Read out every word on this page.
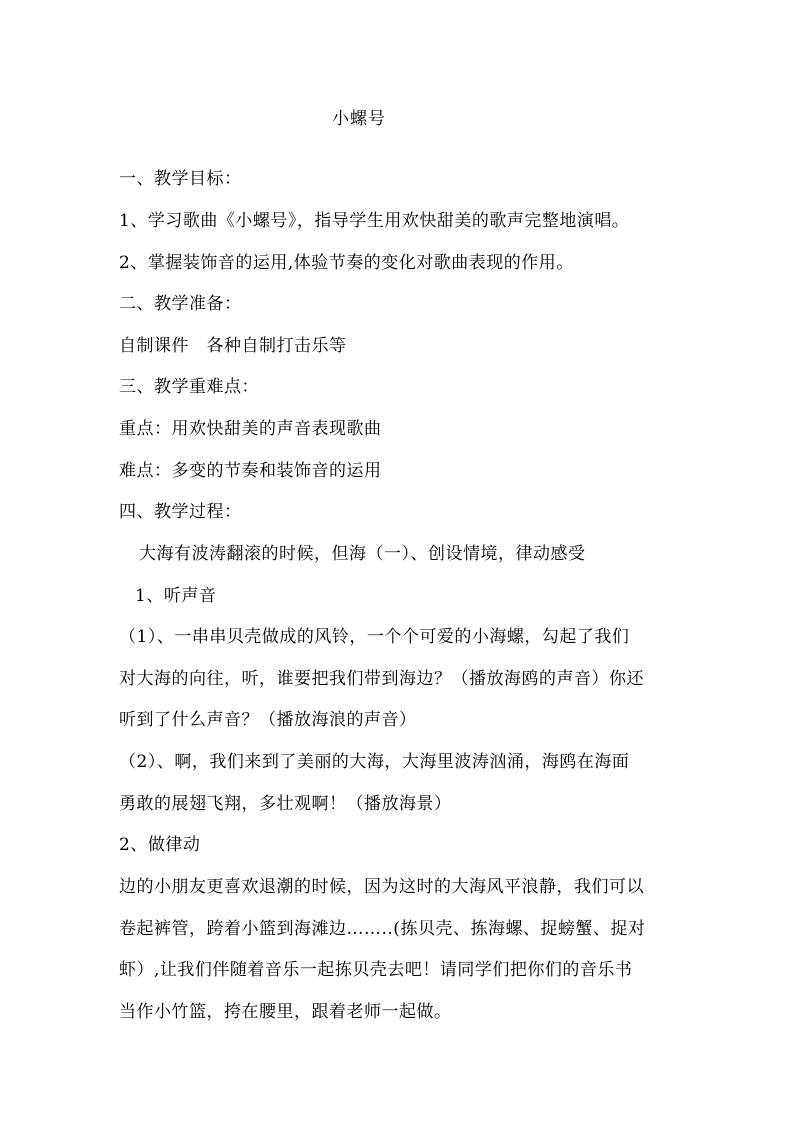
小螺号
一、教学目标：
1、学习歌曲《小螺号》，指导学生用欢快甜美的歌声完整地演唱。
2、掌握装饰音的运用,体验节奏的变化对歌曲表现的作用。
二、教学准备：
自制课件　各种自制打击乐等
三、教学重难点：
重点：用欢快甜美的声音表现歌曲
难点：多变的节奏和装饰音的运用
四、教学过程：
大海有波涛翻滚的时候，但海（一）、创设情境，律动感受
1、听声音
（1）、一串串贝壳做成的风铃，一个个可爱的小海螺，勾起了我们
对大海的向往，听，谁要把我们带到海边？（播放海鸥的声音）你还
听到了什么声音？（播放海浪的声音）
（2）、啊，我们来到了美丽的大海，大海里波涛汹涌，海鸥在海面
勇敢的展翅飞翔，多壮观啊！（播放海景）
2、做律动
边的小朋友更喜欢退潮的时候，因为这时的大海风平浪静，我们可以
卷起裤管，跨着小篮到海滩边……..(拣贝壳、拣海螺、捉螃蟹、捉对
虾）,让我们伴随着音乐一起拣贝壳去吧！请同学们把你们的音乐书
当作小竹篮，挎在腰里，跟着老师一起做。
